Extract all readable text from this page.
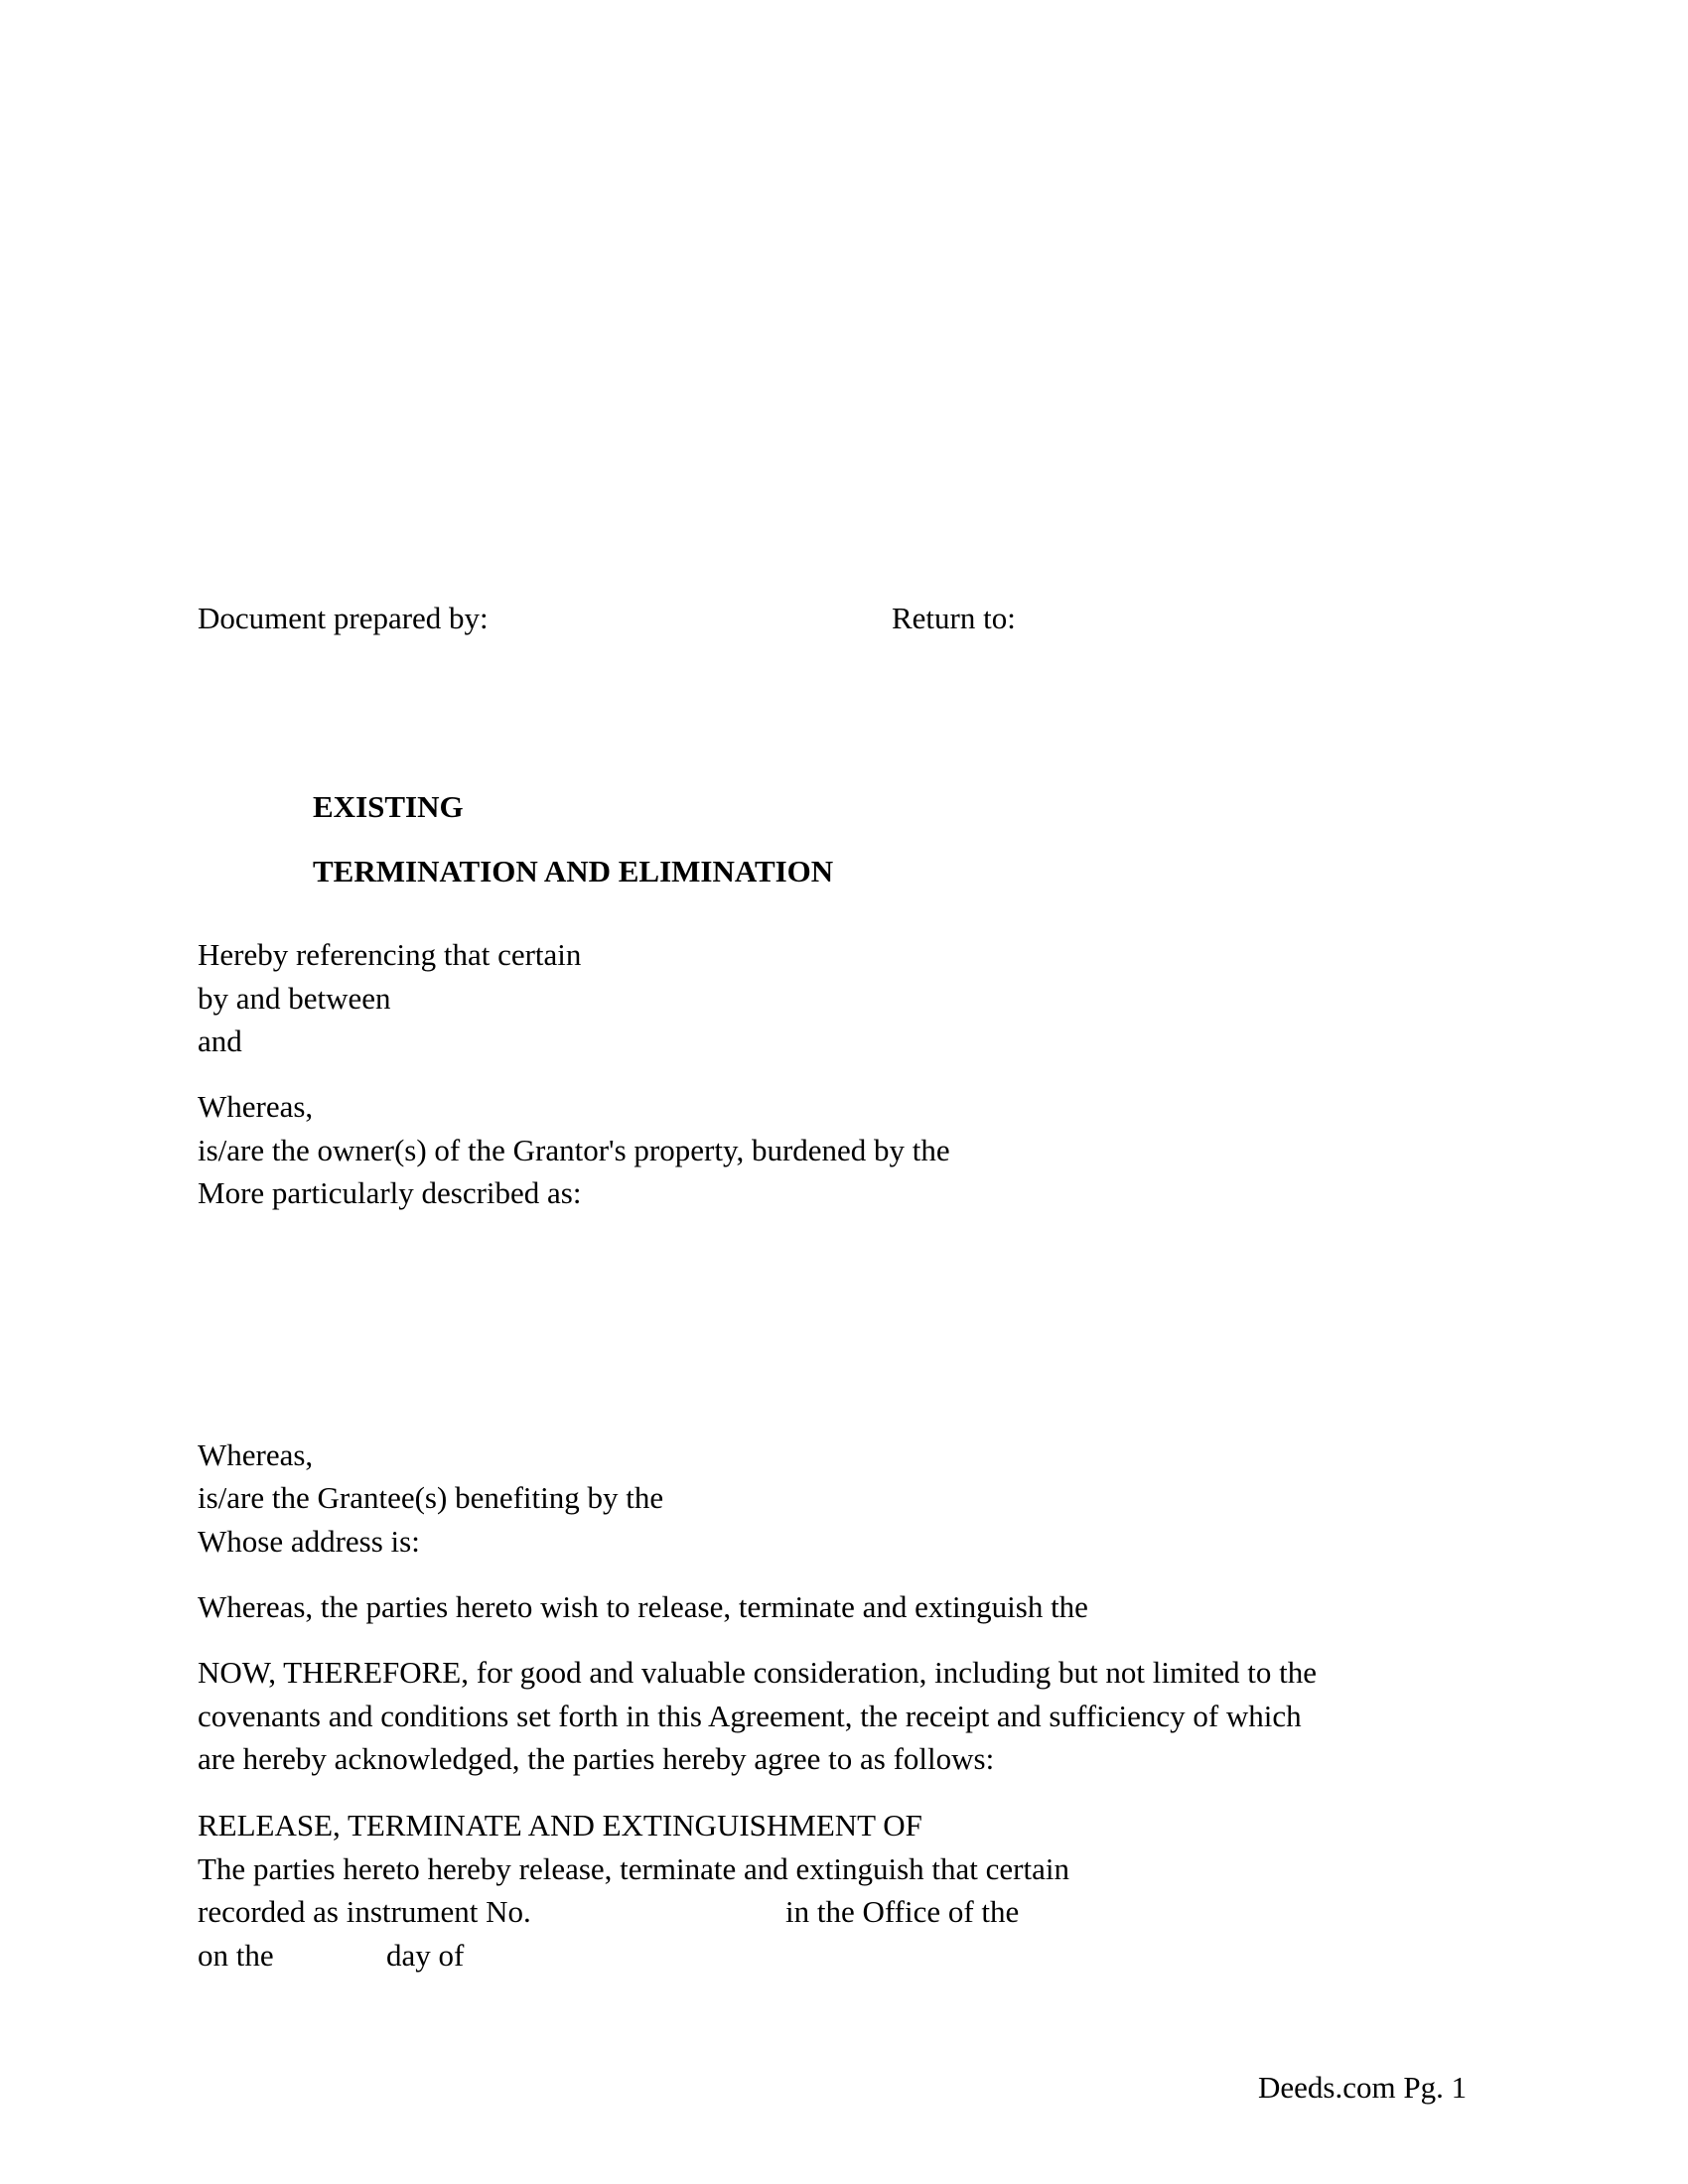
Document prepared by:	Return to:
EXISTING
TERMINATION AND ELIMINATION
Hereby referencing that certain
by and between
and
Whereas,
is/are the owner(s) of the Grantor's property, burdened by the
More particularly described as:
Whereas,
is/are the Grantee(s) benefiting by the
Whose address is:
Whereas, the parties hereto wish to release, terminate and extinguish the
NOW, THEREFORE, for good and valuable consideration, including but not limited to the
covenants and conditions set forth in this Agreement, the receipt and sufficiency of which
are hereby acknowledged, the parties hereby agree to as follows:
RELEASE, TERMINATE AND EXTINGUISHMENT OF
The parties hereto hereby release, terminate and extinguish that certain
recorded as instrument No.	in the Office of the
on the	day of
Deeds.com Pg. 1
